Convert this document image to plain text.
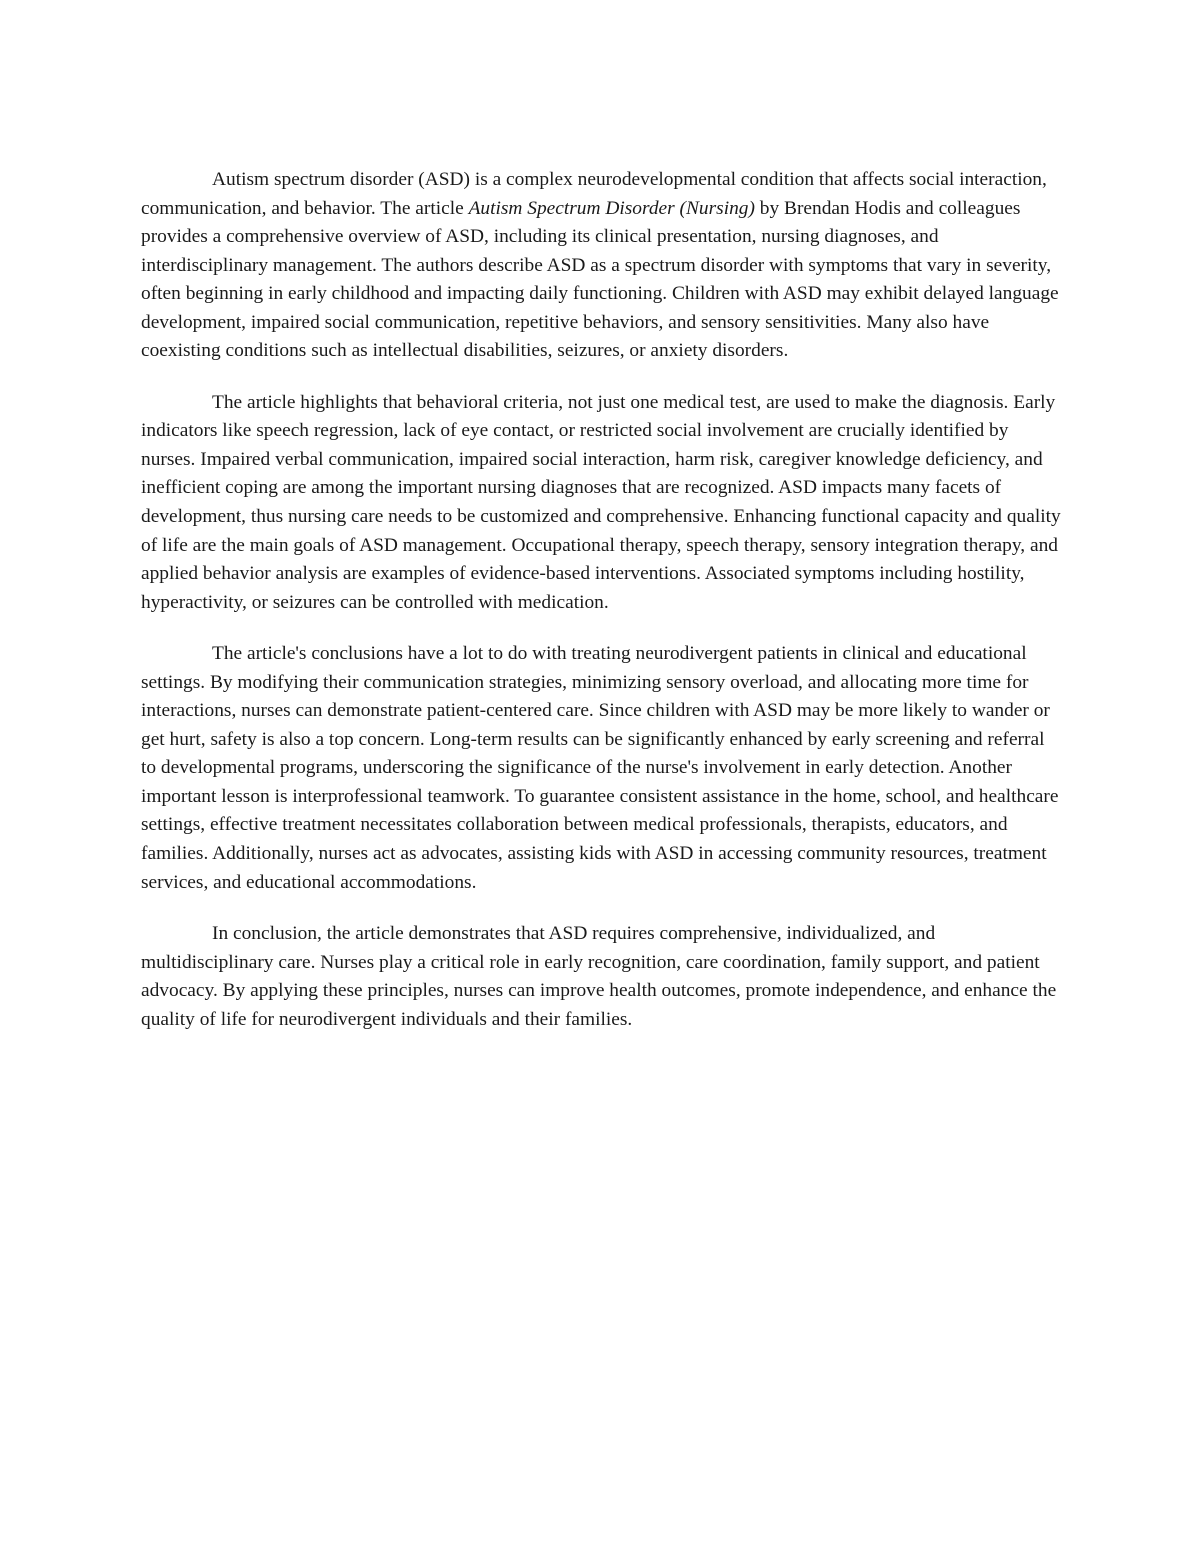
Autism spectrum disorder (ASD) is a complex neurodevelopmental condition that affects social interaction, communication, and behavior. The article Autism Spectrum Disorder (Nursing) by Brendan Hodis and colleagues provides a comprehensive overview of ASD, including its clinical presentation, nursing diagnoses, and interdisciplinary management. The authors describe ASD as a spectrum disorder with symptoms that vary in severity, often beginning in early childhood and impacting daily functioning. Children with ASD may exhibit delayed language development, impaired social communication, repetitive behaviors, and sensory sensitivities. Many also have coexisting conditions such as intellectual disabilities, seizures, or anxiety disorders.

The article highlights that behavioral criteria, not just one medical test, are used to make the diagnosis. Early indicators like speech regression, lack of eye contact, or restricted social involvement are crucially identified by nurses. Impaired verbal communication, impaired social interaction, harm risk, caregiver knowledge deficiency, and inefficient coping are among the important nursing diagnoses that are recognized. ASD impacts many facets of development, thus nursing care needs to be customized and comprehensive. Enhancing functional capacity and quality of life are the main goals of ASD management. Occupational therapy, speech therapy, sensory integration therapy, and applied behavior analysis are examples of evidence-based interventions. Associated symptoms including hostility, hyperactivity, or seizures can be controlled with medication.

The article's conclusions have a lot to do with treating neurodivergent patients in clinical and educational settings. By modifying their communication strategies, minimizing sensory overload, and allocating more time for interactions, nurses can demonstrate patient-centered care. Since children with ASD may be more likely to wander or get hurt, safety is also a top concern. Long-term results can be significantly enhanced by early screening and referral to developmental programs, underscoring the significance of the nurse's involvement in early detection. Another important lesson is interprofessional teamwork. To guarantee consistent assistance in the home, school, and healthcare settings, effective treatment necessitates collaboration between medical professionals, therapists, educators, and families. Additionally, nurses act as advocates, assisting kids with ASD in accessing community resources, treatment services, and educational accommodations.

In conclusion, the article demonstrates that ASD requires comprehensive, individualized, and multidisciplinary care. Nurses play a critical role in early recognition, care coordination, family support, and patient advocacy. By applying these principles, nurses can improve health outcomes, promote independence, and enhance the quality of life for neurodivergent individuals and their families.
